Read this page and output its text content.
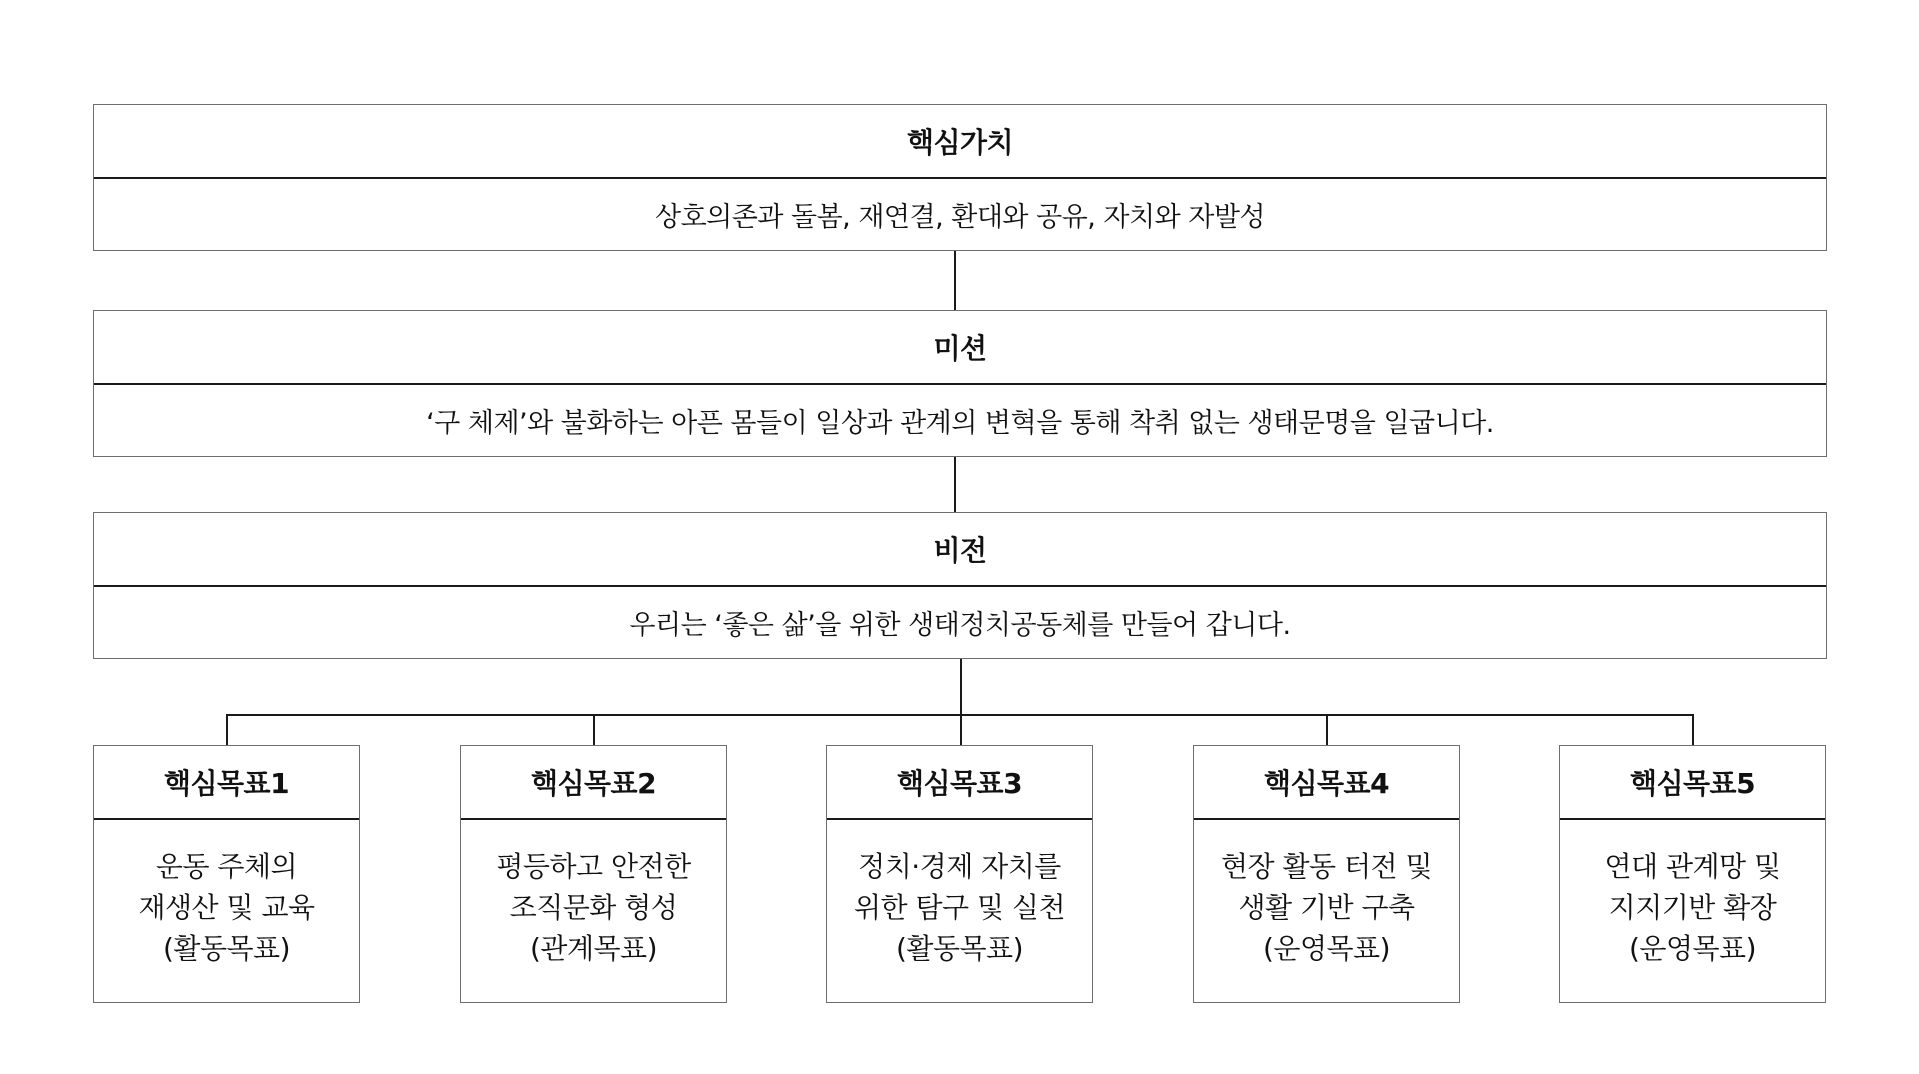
핵심가치
상호의존과 돌봄, 재연결, 환대와 공유, 자치와 자발성
미션
‘구 체제’와 불화하는 아픈 몸들이 일상과 관계의 변혁을 통해 착취 없는 생태문명을 일굽니다.
비전
우리는 ‘좋은 삶’을 위한 생태정치공동체를 만들어 갑니다.
핵심목표1
운동 주체의
재생산 및 교육
(활동목표)
핵심목표2
평등하고 안전한
조직문화 형성
(관계목표)
핵심목표3
정치·경제 자치를
위한 탐구 및 실천
(활동목표)
핵심목표4
현장 활동 터전 및
생활 기반 구축
(운영목표)
핵심목표5
연대 관계망 및
지지기반 확장
(운영목표)
